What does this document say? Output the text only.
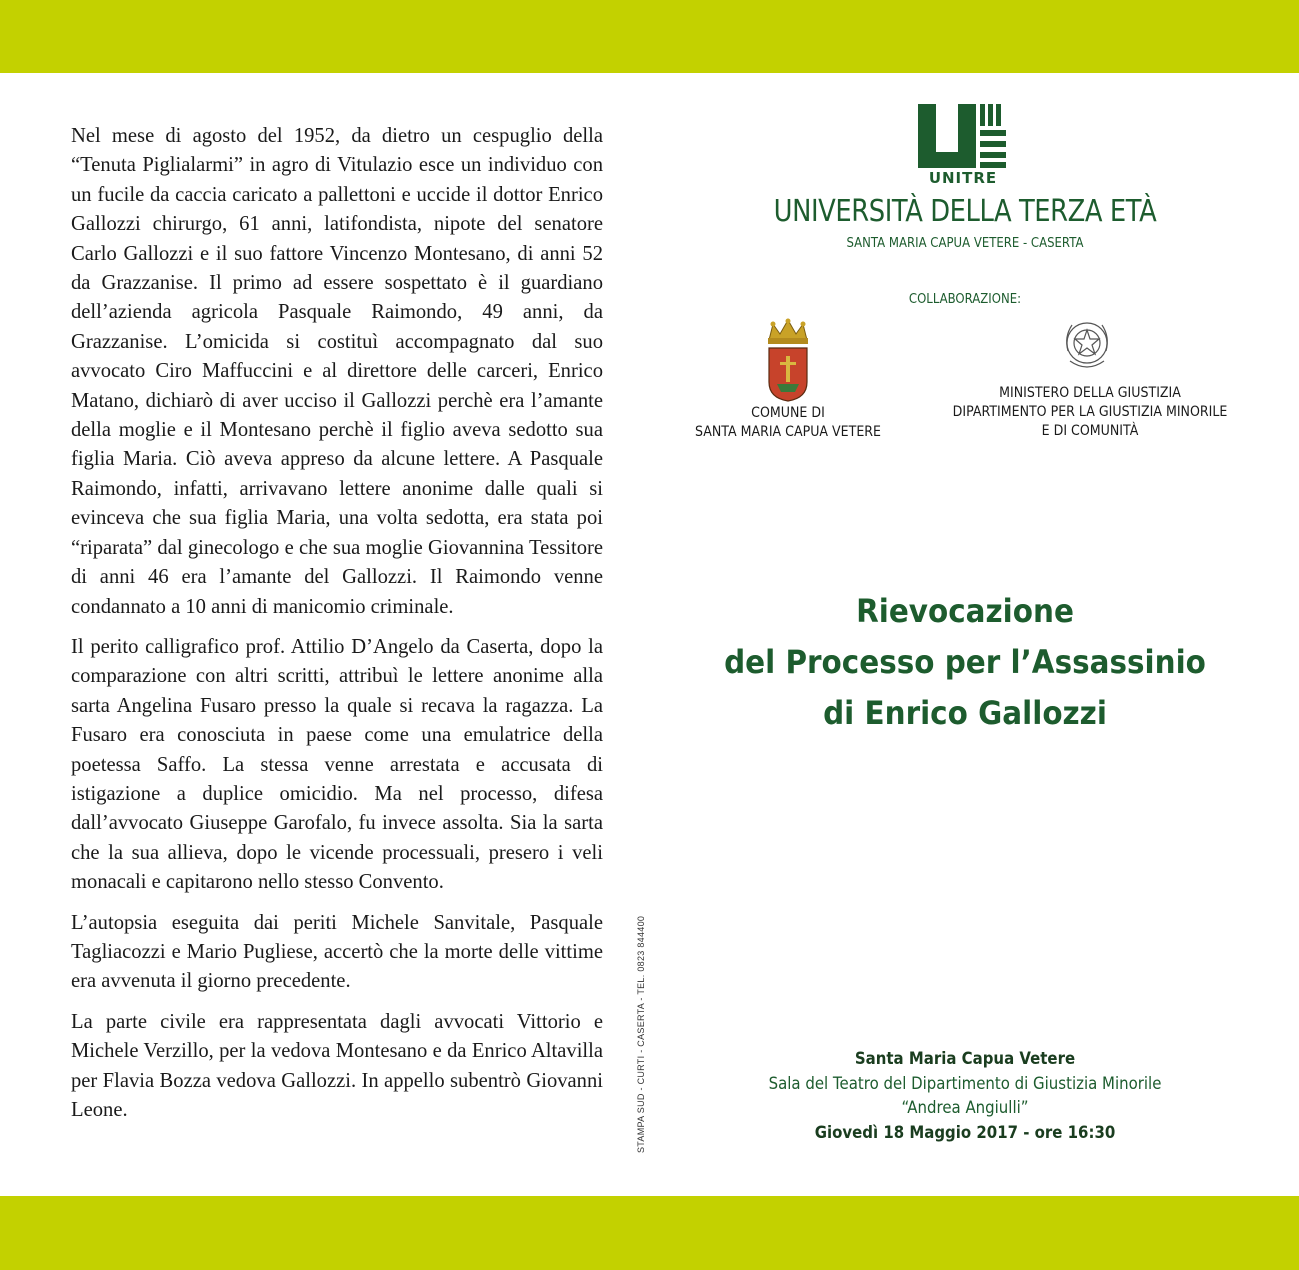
Nel mese di agosto del 1952, da dietro un cespuglio della “Tenuta Piglialarmi” in agro di Vitulazio esce un individuo con un fucile da caccia caricato a pallettoni e uccide il dottor Enrico Gallozzi chirurgo, 61 anni, latifondista, nipote del senatore Carlo Gallozzi e il suo fattore Vincenzo Montesano, di anni 52 da Grazzanise. Il primo ad essere sospettato è il guardiano dell’azienda agricola Pasquale Raimondo, 49 anni, da Grazzanise. L’omicida si costituì accompagnato dal suo avvocato Ciro Maffuccini e al direttore delle carceri, Enrico Matano, dichiarò di aver ucciso il Gallozzi perchè era l’amante della moglie e il Montesano perchè il figlio aveva sedotto sua figlia Maria. Ciò aveva appreso da alcune lettere. A Pasquale Raimondo, infatti, arrivavano lettere anonime dalle quali si evinceva che sua figlia Maria, una volta sedotta, era stata poi “riparata” dal ginecologo e che sua moglie Giovannina Tessitore di anni 46 era l’amante del Gallozzi. Il Raimondo venne condannato a 10 anni di manicomio criminale.

Il perito calligrafico prof. Attilio D’Angelo da Caserta, dopo la comparazione con altri scritti, attribuì le lettere anonime alla sarta Angelina Fusaro presso la quale si recava la ragazza. La Fusaro era conosciuta in paese come una emulatrice della poetessa Saffo. La stessa venne arrestata e accusata di istigazione a duplice omicidio. Ma nel processo, difesa dall’avvocato Giuseppe Garofalo, fu invece assolta. Sia la sarta che la sua allieva, dopo le vicende processuali, presero i veli monacali e capitarono nello stesso Convento.

L’autopsia eseguita dai periti Michele Sanvitale, Pasquale Tagliacozzi e Mario Pugliese, accertò che la morte delle vittime era avvenuta il giorno precedente.

La parte civile era rappresentata dagli avvocati Vittorio e Michele Verzillo, per la vedova Montesano e da Enrico Altavilla per Flavia Bozza vedova Gallozzi. In appello subentrò Giovanni Leone.	STAMPA SUD - CURTI - CASERTA - TEL. 0823 844400
UNITRE
UNIVERSITÀ DELLA TERZA ETÀ
SANTA MARIA CAPUA VETERE - CASERTA
COLLABORAZIONE:
COMUNE DI
SANTA MARIA CAPUA VETERE
MINISTERO DELLA GIUSTIZIA
DIPARTIMENTO PER LA GIUSTIZIA MINORILE
E DI COMUNITÀ
Rievocazione
del Processo per l’Assassinio
di Enrico Gallozzi
Santa Maria Capua Vetere
Sala del Teatro del Dipartimento di Giustizia Minorile
“Andrea Angiulli”
Giovedì 18 Maggio 2017 - ore 16:30
